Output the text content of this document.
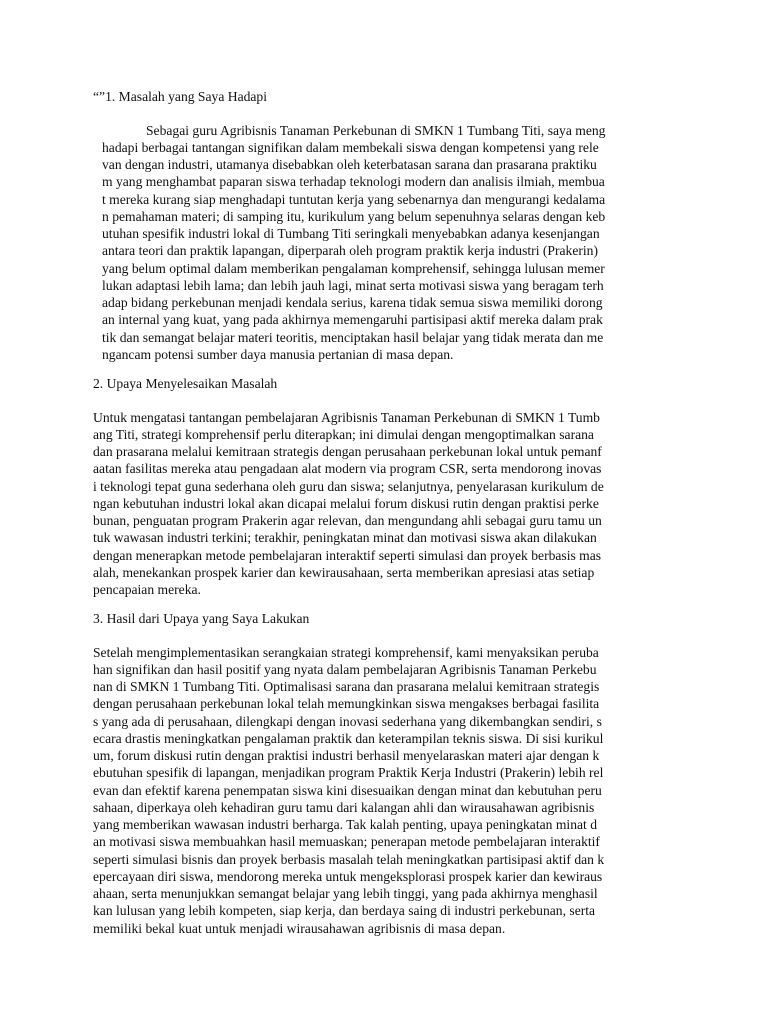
“”1. Masalah yang Saya Hadapi

Sebagai guru Agribisnis Tanaman Perkebunan di SMKN 1 Tumbang Titi, saya meng

hadapi berbagai tantangan signifikan dalam membekali siswa dengan kompetensi yang rele

van dengan industri, utamanya disebabkan oleh keterbatasan sarana dan prasarana praktiku

m yang menghambat paparan siswa terhadap teknologi modern dan analisis ilmiah, membua

t mereka kurang siap menghadapi tuntutan kerja yang sebenarnya dan mengurangi kedalama

n pemahaman materi; di samping itu, kurikulum yang belum sepenuhnya selaras dengan keb

utuhan spesifik industri lokal di Tumbang Titi seringkali menyebabkan adanya kesenjangan

antara teori dan praktik lapangan, diperparah oleh program praktik kerja industri (Prakerin)

yang belum optimal dalam memberikan pengalaman komprehensif, sehingga lulusan memer

lukan adaptasi lebih lama; dan lebih jauh lagi, minat serta motivasi siswa yang beragam terh

adap bidang perkebunan menjadi kendala serius, karena tidak semua siswa memiliki dorong

an internal yang kuat, yang pada akhirnya memengaruhi partisipasi aktif mereka dalam prak

tik dan semangat belajar materi teoritis, menciptakan hasil belajar yang tidak merata dan me

ngancam potensi sumber daya manusia pertanian di masa depan.

2. Upaya Menyelesaikan Masalah

Untuk mengatasi tantangan pembelajaran Agribisnis Tanaman Perkebunan di SMKN 1 Tumb

ang Titi, strategi komprehensif perlu diterapkan; ini dimulai dengan mengoptimalkan sarana

dan prasarana melalui kemitraan strategis dengan perusahaan perkebunan lokal untuk pemanf

aatan fasilitas mereka atau pengadaan alat modern via program CSR, serta mendorong inovas

i teknologi tepat guna sederhana oleh guru dan siswa; selanjutnya, penyelarasan kurikulum de

ngan kebutuhan industri lokal akan dicapai melalui forum diskusi rutin dengan praktisi perke

bunan, penguatan program Prakerin agar relevan, dan mengundang ahli sebagai guru tamu un

tuk wawasan industri terkini; terakhir, peningkatan minat dan motivasi siswa akan dilakukan

dengan menerapkan metode pembelajaran interaktif seperti simulasi dan proyek berbasis mas

alah, menekankan prospek karier dan kewirausahaan, serta memberikan apresiasi atas setiap

pencapaian mereka.

3. Hasil dari Upaya yang Saya Lakukan

Setelah mengimplementasikan serangkaian strategi komprehensif, kami menyaksikan peruba

han signifikan dan hasil positif yang nyata dalam pembelajaran Agribisnis Tanaman Perkebu

nan di SMKN 1 Tumbang Titi. Optimalisasi sarana dan prasarana melalui kemitraan strategis

dengan perusahaan perkebunan lokal telah memungkinkan siswa mengakses berbagai fasilita

s yang ada di perusahaan, dilengkapi dengan inovasi sederhana yang dikembangkan sendiri, s

ecara drastis meningkatkan pengalaman praktik dan keterampilan teknis siswa. Di sisi kurikul

um, forum diskusi rutin dengan praktisi industri berhasil menyelaraskan materi ajar dengan k

ebutuhan spesifik di lapangan, menjadikan program Praktik Kerja Industri (Prakerin) lebih rel

evan dan efektif karena penempatan siswa kini disesuaikan dengan minat dan kebutuhan peru

sahaan, diperkaya oleh kehadiran guru tamu dari kalangan ahli dan wirausahawan agribisnis

yang memberikan wawasan industri berharga. Tak kalah penting, upaya peningkatan minat d

an motivasi siswa membuahkan hasil memuaskan; penerapan metode pembelajaran interaktif

seperti simulasi bisnis dan proyek berbasis masalah telah meningkatkan partisipasi aktif dan k

epercayaan diri siswa, mendorong mereka untuk mengeksplorasi prospek karier dan kewiraus

ahaan, serta menunjukkan semangat belajar yang lebih tinggi, yang pada akhirnya menghasil

kan lulusan yang lebih kompeten, siap kerja, dan berdaya saing di industri perkebunan, serta

memiliki bekal kuat untuk menjadi wirausahawan agribisnis di masa depan.
